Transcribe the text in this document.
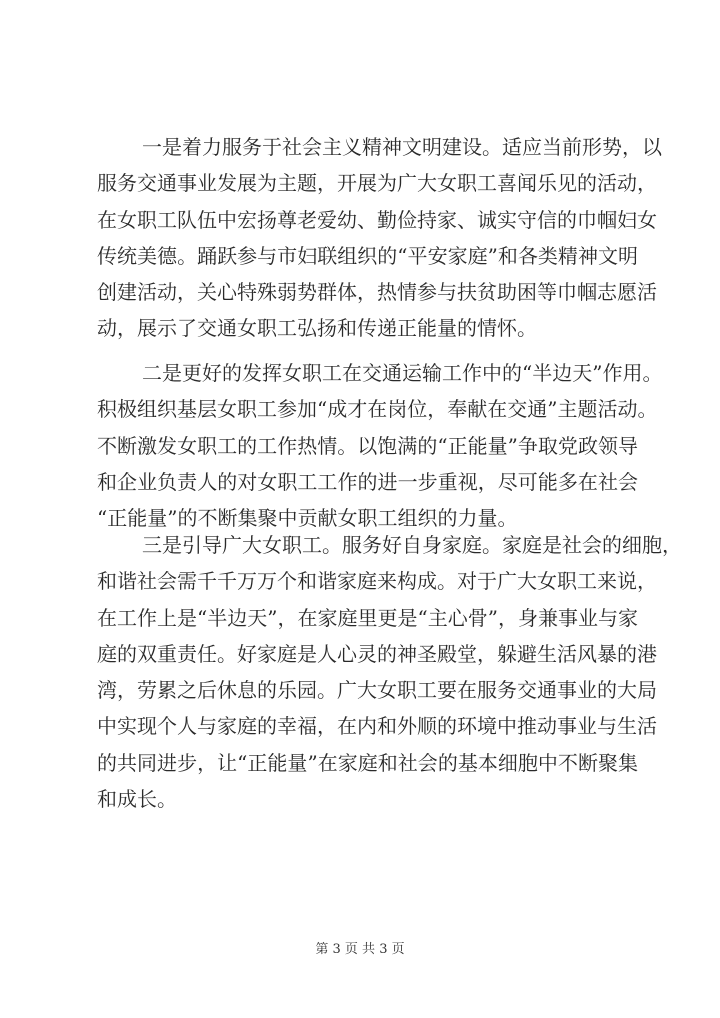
一是着力服务于社会主义精神文明建设。适应当前形势，以
服务交通事业发展为主题，开展为广大女职工喜闻乐见的活动，
在女职工队伍中宏扬尊老爱幼、勤俭持家、诚实守信的巾帼妇女
传统美德。踊跃参与市妇联组织的“平安家庭”和各类精神文明
创建活动，关心特殊弱势群体，热情参与扶贫助困等巾帼志愿活
动，展示了交通女职工弘扬和传递正能量的情怀。
二是更好的发挥女职工在交通运输工作中的“半边天”作用。
积极组织基层女职工参加“成才在岗位，奉献在交通”主题活动。
不断激发女职工的工作热情。以饱满的“正能量”争取党政领导
和企业负责人的对女职工工作的进一步重视，尽可能多在社会
“正能量”的不断集聚中贡献女职工组织的力量。
三是引导广大女职工。服务好自身家庭。家庭是社会的细胞，
和谐社会需千千万万个和谐家庭来构成。对于广大女职工来说，
在工作上是“半边天”，在家庭里更是“主心骨”，身兼事业与家
庭的双重责任。好家庭是人心灵的神圣殿堂，躲避生活风暴的港
湾，劳累之后休息的乐园。广大女职工要在服务交通事业的大局
中实现个人与家庭的幸福，在内和外顺的环境中推动事业与生活
的共同进步，让“正能量”在家庭和社会的基本细胞中不断聚集
和成长。
第 3 页 共 3 页
